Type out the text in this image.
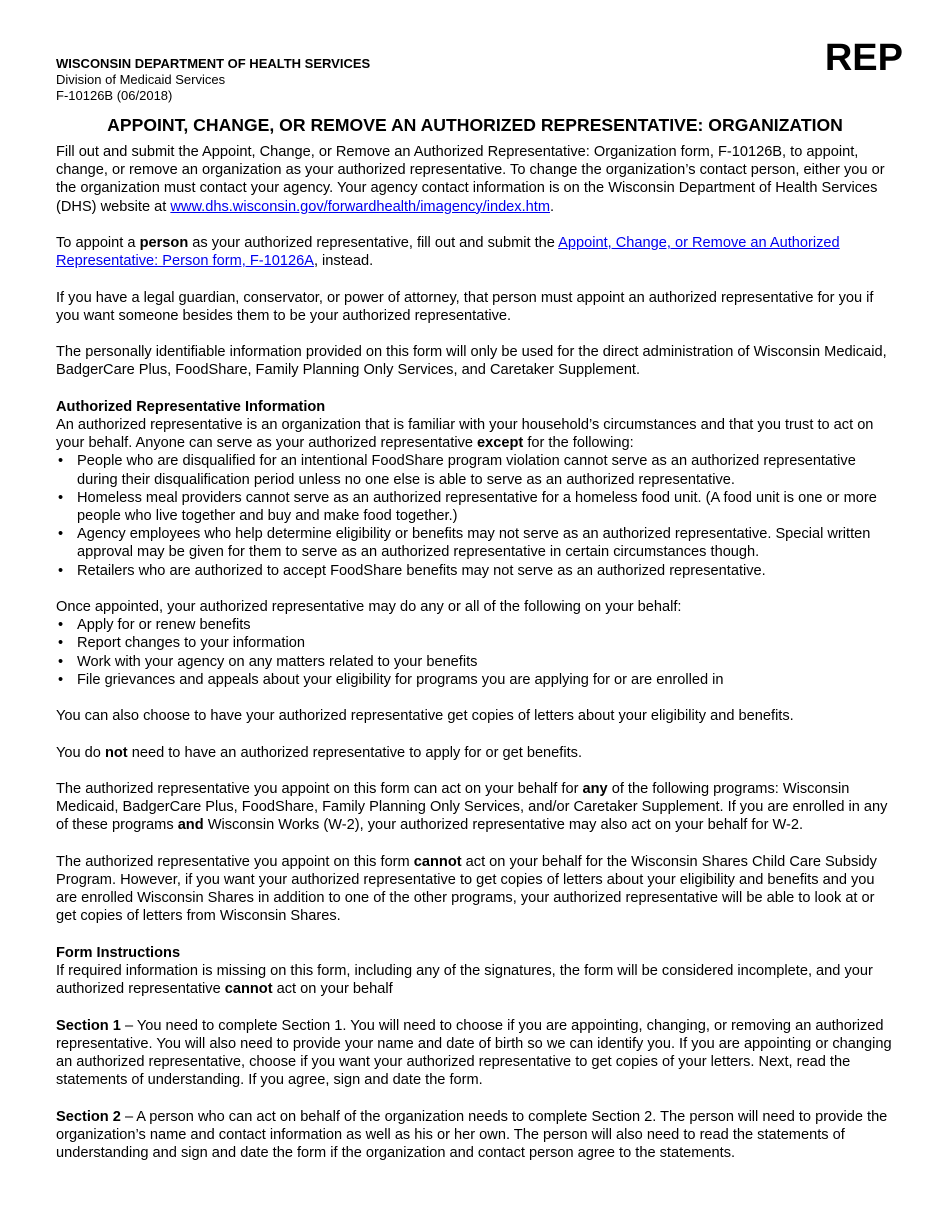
WISCONSIN DEPARTMENT OF HEALTH SERVICES
Division of Medicaid Services
F-10126B (06/2018)
REP
APPOINT, CHANGE, OR REMOVE AN AUTHORIZED REPRESENTATIVE: ORGANIZATION

Fill out and submit the Appoint, Change, or Remove an Authorized Representative: Organization form, F-10126B, to appoint, change, or remove an organization as your authorized representative. To change the organization’s contact person, either you or the organization must contact your agency. Your agency contact information is on the Wisconsin Department of Health Services (DHS) website at www.dhs.wisconsin.gov/forwardhealth/imagency/index.htm.

To appoint a person as your authorized representative, fill out and submit the Appoint, Change, or Remove an Authorized Representative: Person form, F-10126A, instead.

If you have a legal guardian, conservator, or power of attorney, that person must appoint an authorized representative for you if you want someone besides them to be your authorized representative.

The personally identifiable information provided on this form will only be used for the direct administration of Wisconsin Medicaid, BadgerCare Plus, FoodShare, Family Planning Only Services, and Caretaker Supplement.

Authorized Representative Information
An authorized representative is an organization that is familiar with your household’s circumstances and that you trust to act on your behalf. Anyone can serve as your authorized representative except for the following:
• People who are disqualified for an intentional FoodShare program violation cannot serve as an authorized representative during their disqualification period unless no one else is able to serve as an authorized representative.
• Homeless meal providers cannot serve as an authorized representative for a homeless food unit. (A food unit is one or more people who live together and buy and make food together.)
• Agency employees who help determine eligibility or benefits may not serve as an authorized representative. Special written approval may be given for them to serve as an authorized representative in certain circumstances though.
• Retailers who are authorized to accept FoodShare benefits may not serve as an authorized representative.
Once appointed, your authorized representative may do any or all of the following on your behalf:
• Apply for or renew benefits
• Report changes to your information
• Work with your agency on any matters related to your benefits
• File grievances and appeals about your eligibility for programs you are applying for or are enrolled in

You can also choose to have your authorized representative get copies of letters about your eligibility and benefits.

You do not need to have an authorized representative to apply for or get benefits.

The authorized representative you appoint on this form can act on your behalf for any of the following programs: Wisconsin Medicaid, BadgerCare Plus, FoodShare, Family Planning Only Services, and/or Caretaker Supplement. If you are enrolled in any of these programs and Wisconsin Works (W-2), your authorized representative may also act on your behalf for W-2.

The authorized representative you appoint on this form cannot act on your behalf for the Wisconsin Shares Child Care Subsidy Program. However, if you want your authorized representative to get copies of letters about your eligibility and benefits and you are enrolled Wisconsin Shares in addition to one of the other programs, your authorized representative will be able to look at or get copies of letters from Wisconsin Shares.

Form Instructions

If required information is missing on this form, including any of the signatures, the form will be considered incomplete, and your authorized representative cannot act on your behalf

Section 1 – You need to complete Section 1. You will need to choose if you are appointing, changing, or removing an authorized representative. You will also need to provide your name and date of birth so we can identify you. If you are appointing or changing an authorized representative, choose if you want your authorized representative to get copies of your letters. Next, read the statements of understanding. If you agree, sign and date the form.

Section 2 – A person who can act on behalf of the organization needs to complete Section 2. The person will need to provide the organization’s name and contact information as well as his or her own. The person will also need to read the statements of understanding and sign and date the form if the organization and contact person agree to the statements.
